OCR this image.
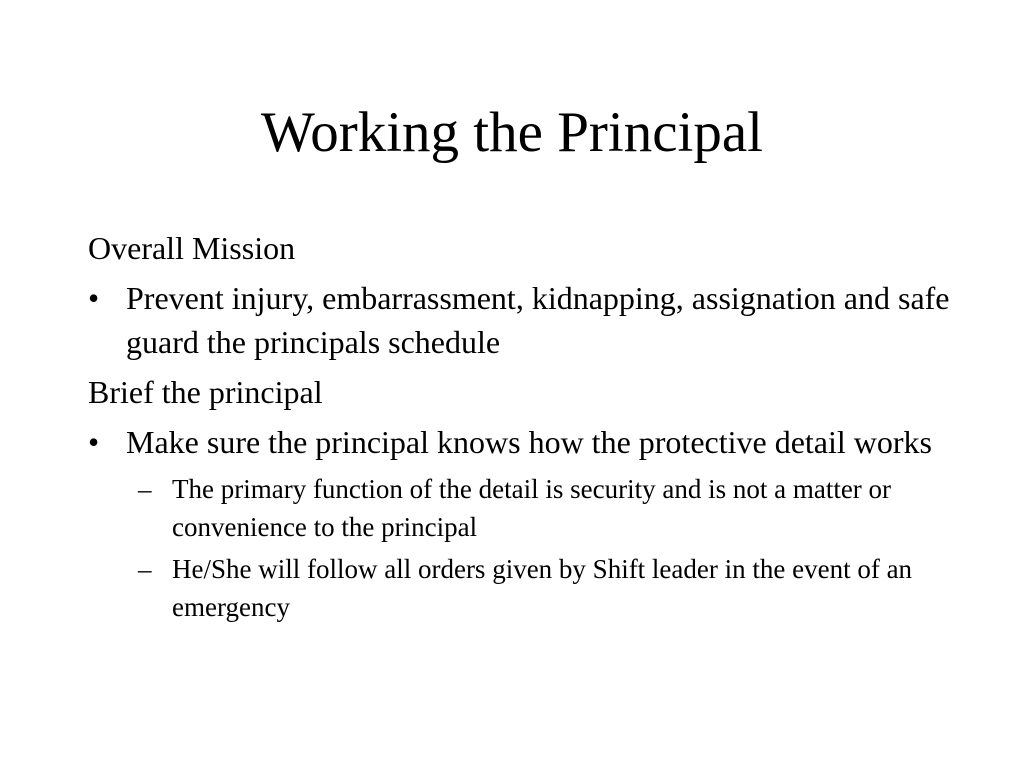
Working the Principal
Overall Mission
• Prevent injury, embarrassment, kidnapping, assignation and safe guard the principals schedule
Brief the principal
• Make sure the principal knows how the protective detail works
– The primary function of the detail is security and is not a matter or convenience to the principal
– He/She will follow all orders given by Shift leader in the event of an emergency
